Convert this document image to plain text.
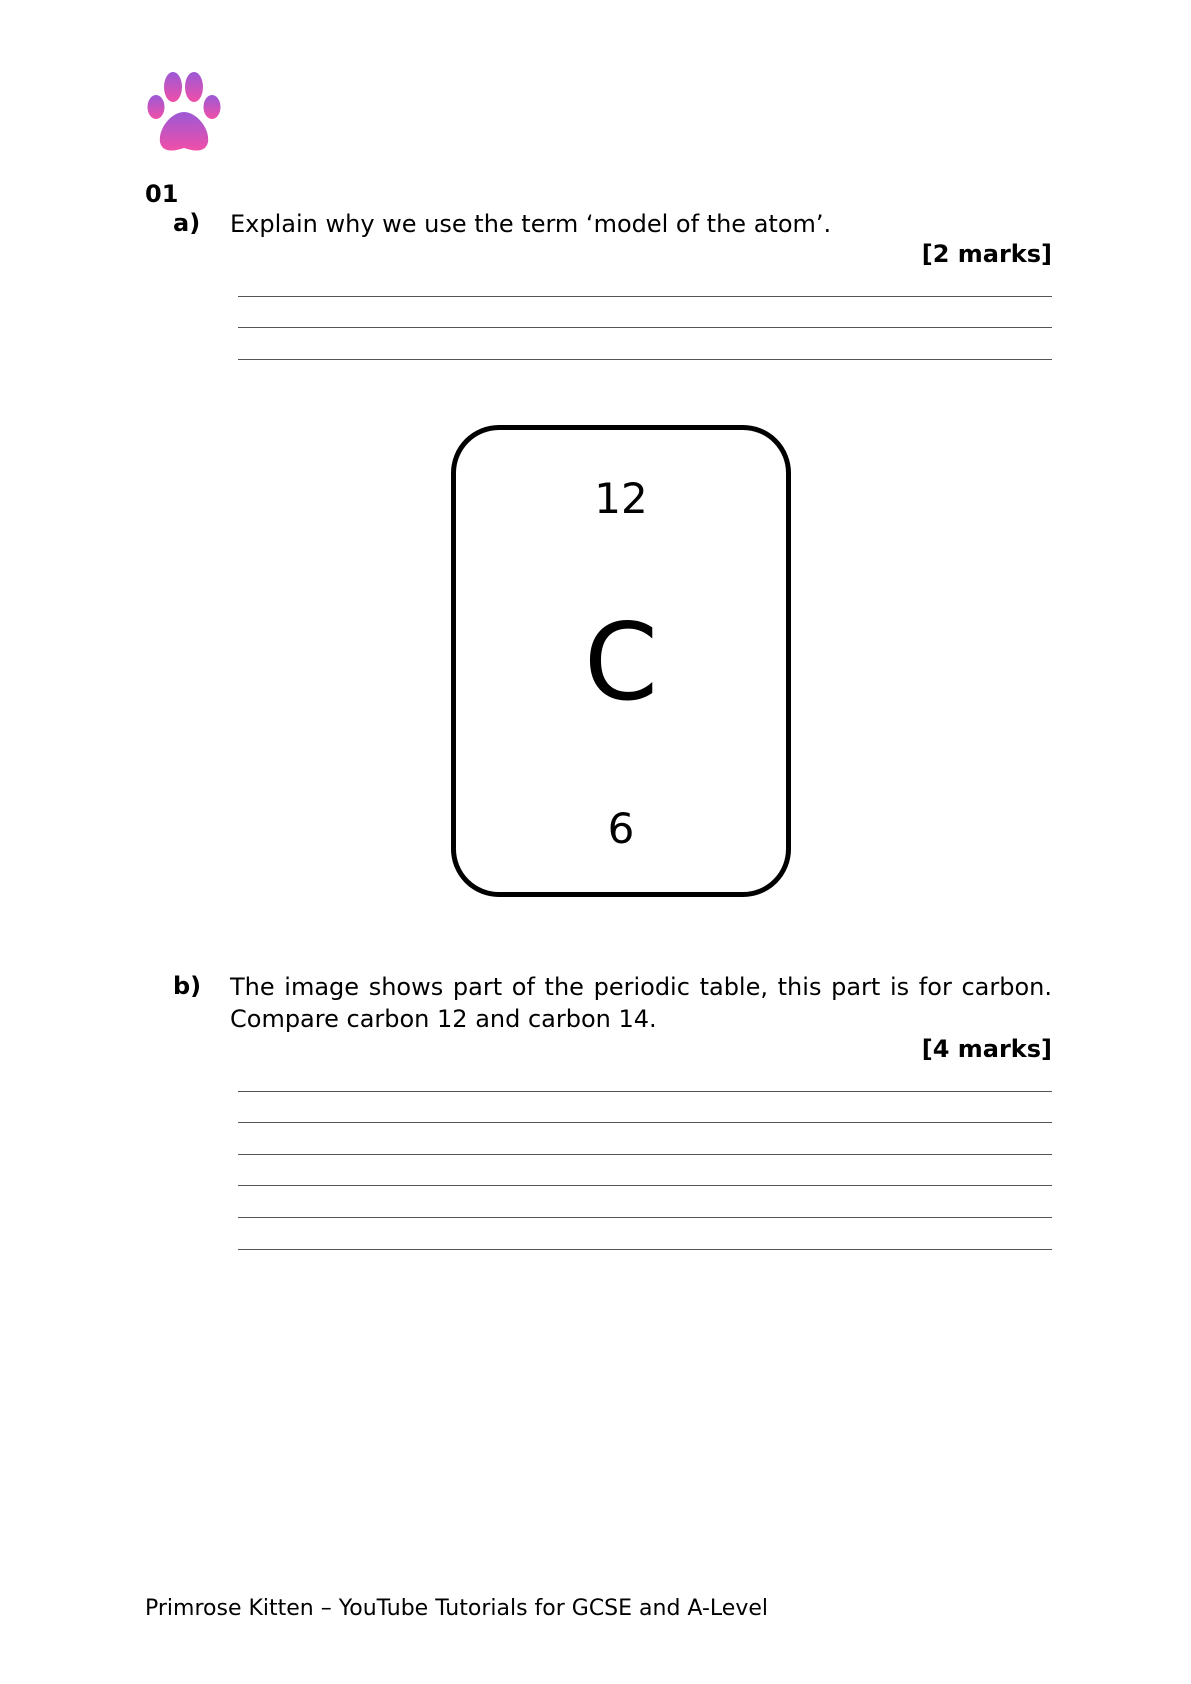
01
a) Explain why we use the term ‘model of the atom’.
[2 marks]
12
C
6
b) The image shows part of the periodic table, this part is for carbon. Compare carbon 12 and carbon 14.
[4 marks]
Primrose Kitten – YouTube Tutorials for GCSE and A-Level
